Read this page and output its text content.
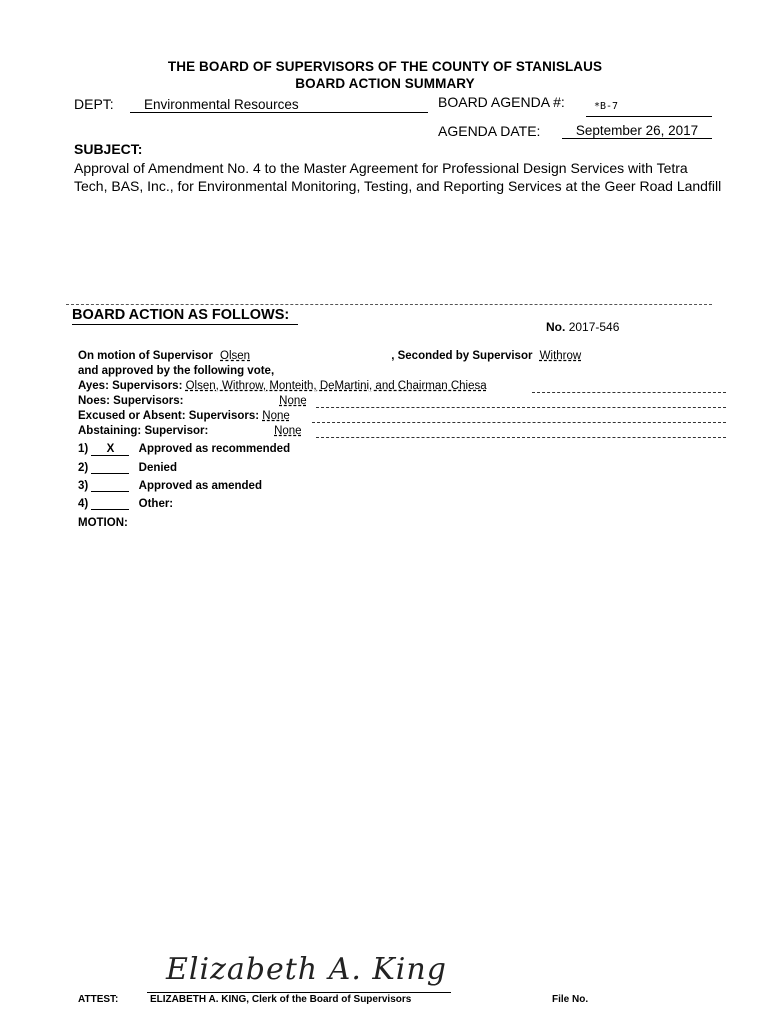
THE BOARD OF SUPERVISORS OF THE COUNTY OF STANISLAUS
BOARD ACTION SUMMARY
DEPT:	Environmental Resources	BOARD AGENDA #:	*B-7
AGENDA DATE:	September 26, 2017
SUBJECT:
Approval of Amendment No. 4 to the Master Agreement for Professional Design Services with Tetra Tech, BAS, Inc., for Environmental Monitoring, Testing, and Reporting Services at the Geer Road Landfill
BOARD ACTION AS FOLLOWS:
No. 2017-546
On motion of Supervisor Olsen	, Seconded by Supervisor Withrow
and approved by the following vote,
Ayes: Supervisors: Olsen, Withrow, Monteith, DeMartini, and Chairman Chiesa
Noes: Supervisors:	None
Excused or Absent: Supervisors: None
Abstaining: Supervisor:	None
1) X Approved as recommended
2)	Denied
3)	Approved as amended
4)	Other:
MOTION:
Elizabeth A. King
ATTEST:	ELIZABETH A. KING, Clerk of the Board of Supervisors	File No.
